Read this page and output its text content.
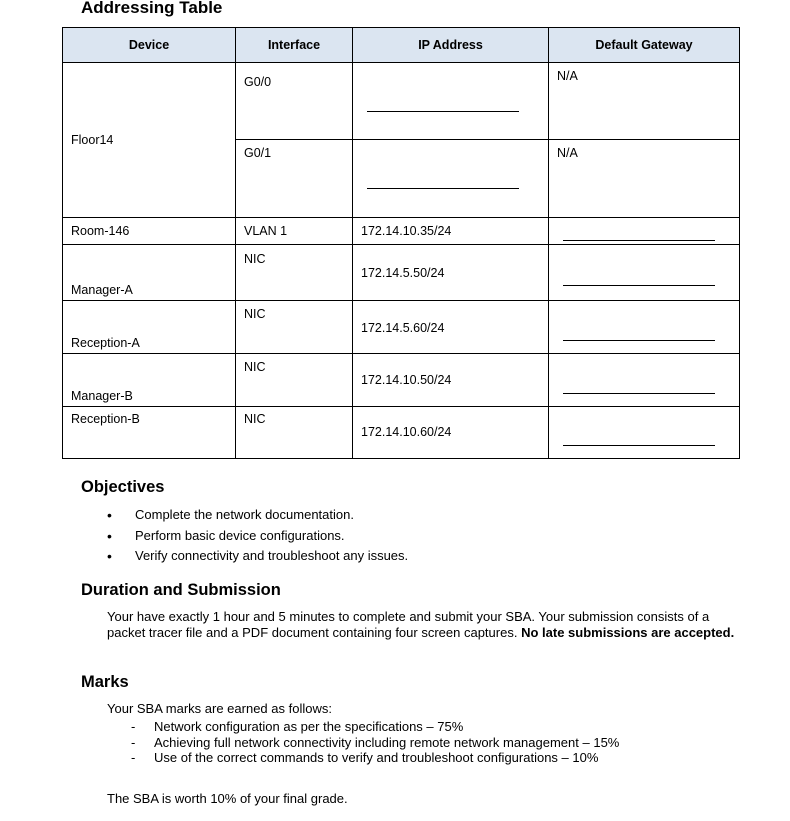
Addressing Table
Device	Interface	IP Address	Default Gateway
Floor14	G0/0		N/A
	G0/1		N/A
Room-146	VLAN 1	172.14.10.35/24	
Manager-A	NIC	172.14.5.50/24	
Reception-A	NIC	172.14.5.60/24	
Manager-B	NIC	172.14.10.50/24	
Reception-B	NIC	172.14.10.60/24	
Objectives
• Complete the network documentation.
• Perform basic device configurations.
• Verify connectivity and troubleshoot any issues.
Duration and Submission

Your have exactly 1 hour and 5 minutes to complete and submit your SBA. Your submission consists of a packet tracer file and a PDF document containing four screen captures. No late submissions are accepted.

Marks

Your SBA marks are earned as follows:

- Network configuration as per the specifications – 75%
- Achieving full network connectivity including remote network management – 15%
- Use of the correct commands to verify and troubleshoot configurations – 10%

The SBA is worth 10% of your final grade.
